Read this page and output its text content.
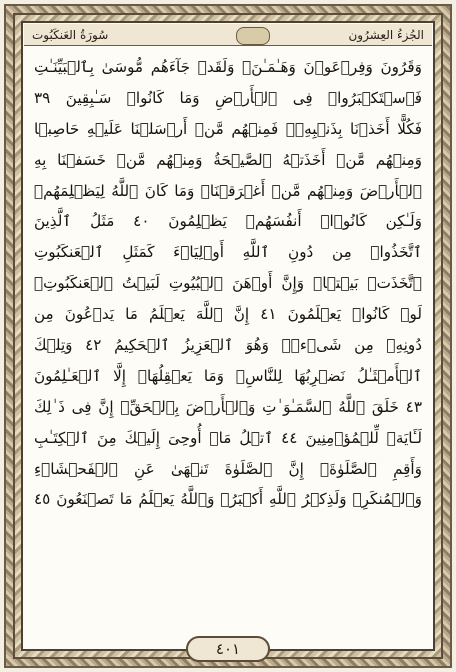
الجُزءُ العِشرُون
سُورَةُ العَنكَبُوت
وَقَرُونَ وَفِرۡعَوۡنَ وَهَـٰمَـٰنَۖ وَلَقَدۡ جَآءَهُم مُّوسَىٰ بِٱلۡبَیِّنَـٰتِ
فَٱسۡتَكۡبَرُوا۟ فِی ٱلۡأَرۡضِ وَمَا كَانُوا۟ سَـٰبِقِینَ ٣٩
فَكُلًّا أَخَذۡنَا بِذَنۢبِهِۦۖ فَمِنۡهُم مَّنۡ أَرۡسَلۡنَا عَلَیۡهِ حَاصِبࣰا
وَمِنۡهُم مَّنۡ أَخَذَتۡهُ ٱلصَّیۡحَةُ وَمِنۡهُم مَّنۡ خَسَفۡنَا بِهِ
ٱلۡأَرۡضَ وَمِنۡهُم مَّنۡ أَغۡرَقۡنَاۚ وَمَا كَانَ ٱللَّهُ لِیَظۡلِمَهُمۡ
وَلَـٰكِن كَانُوۤا۟ أَنفُسَهُمۡ یَظۡلِمُونَ ٤٠ مَثَلُ ٱلَّذِینَ
ٱتَّخَذُوا۟ مِن دُونِ ٱللَّهِ أَوۡلِیَاۤءَ كَمَثَلِ ٱلۡعَنكَبُوتِ
ٱتَّخَذَتۡ بَیۡتࣰاۖ وَإِنَّ أَوۡهَنَ ٱلۡبُیُوتِ لَبَیۡتُ ٱلۡعَنكَبُوتِۚ
لَوۡ كَانُوا۟ یَعۡلَمُونَ ٤١ إِنَّ ٱللَّهَ یَعۡلَمُ مَا یَدۡعُونَ مِن
دُونِهِۦ مِن شَیۡءࣲۚ وَهُوَ ٱلۡعَزِیزُ ٱلۡحَكِیمُ ٤٢ وَتِلۡكَ
ٱلۡأَمۡثَـٰلُ نَضۡرِبُهَا لِلنَّاسِۖ وَمَا یَعۡقِلُهَاۤ إِلَّا ٱلۡعَـٰلِمُونَ
٤٣ خَلَقَ ٱللَّهُ ٱلسَّمَـٰوَ ٰ⁠تِ وَٱلۡأَرۡضَ بِٱلۡحَقِّۚ إِنَّ فِی ذَ ٰ⁠لِكَ
لَـَٔایَةࣰ لِّلۡمُؤۡمِنِینَ ٤٤ ٱتۡلُ مَاۤ أُوحِیَ إِلَیۡكَ مِنَ ٱلۡكِتَـٰبِ
وَأَقِمِ ٱلصَّلَوٰةَۖ إِنَّ ٱلصَّلَوٰةَ تَنۡهَىٰ عَنِ ٱلۡفَحۡشَاۤءِ
وَٱلۡمُنكَرِۗ وَلَذِكۡرُ ٱللَّهِ أَكۡبَرُۗ وَٱللَّهُ یَعۡلَمُ مَا تَصۡنَعُونَ ٤٥
٤٠١
